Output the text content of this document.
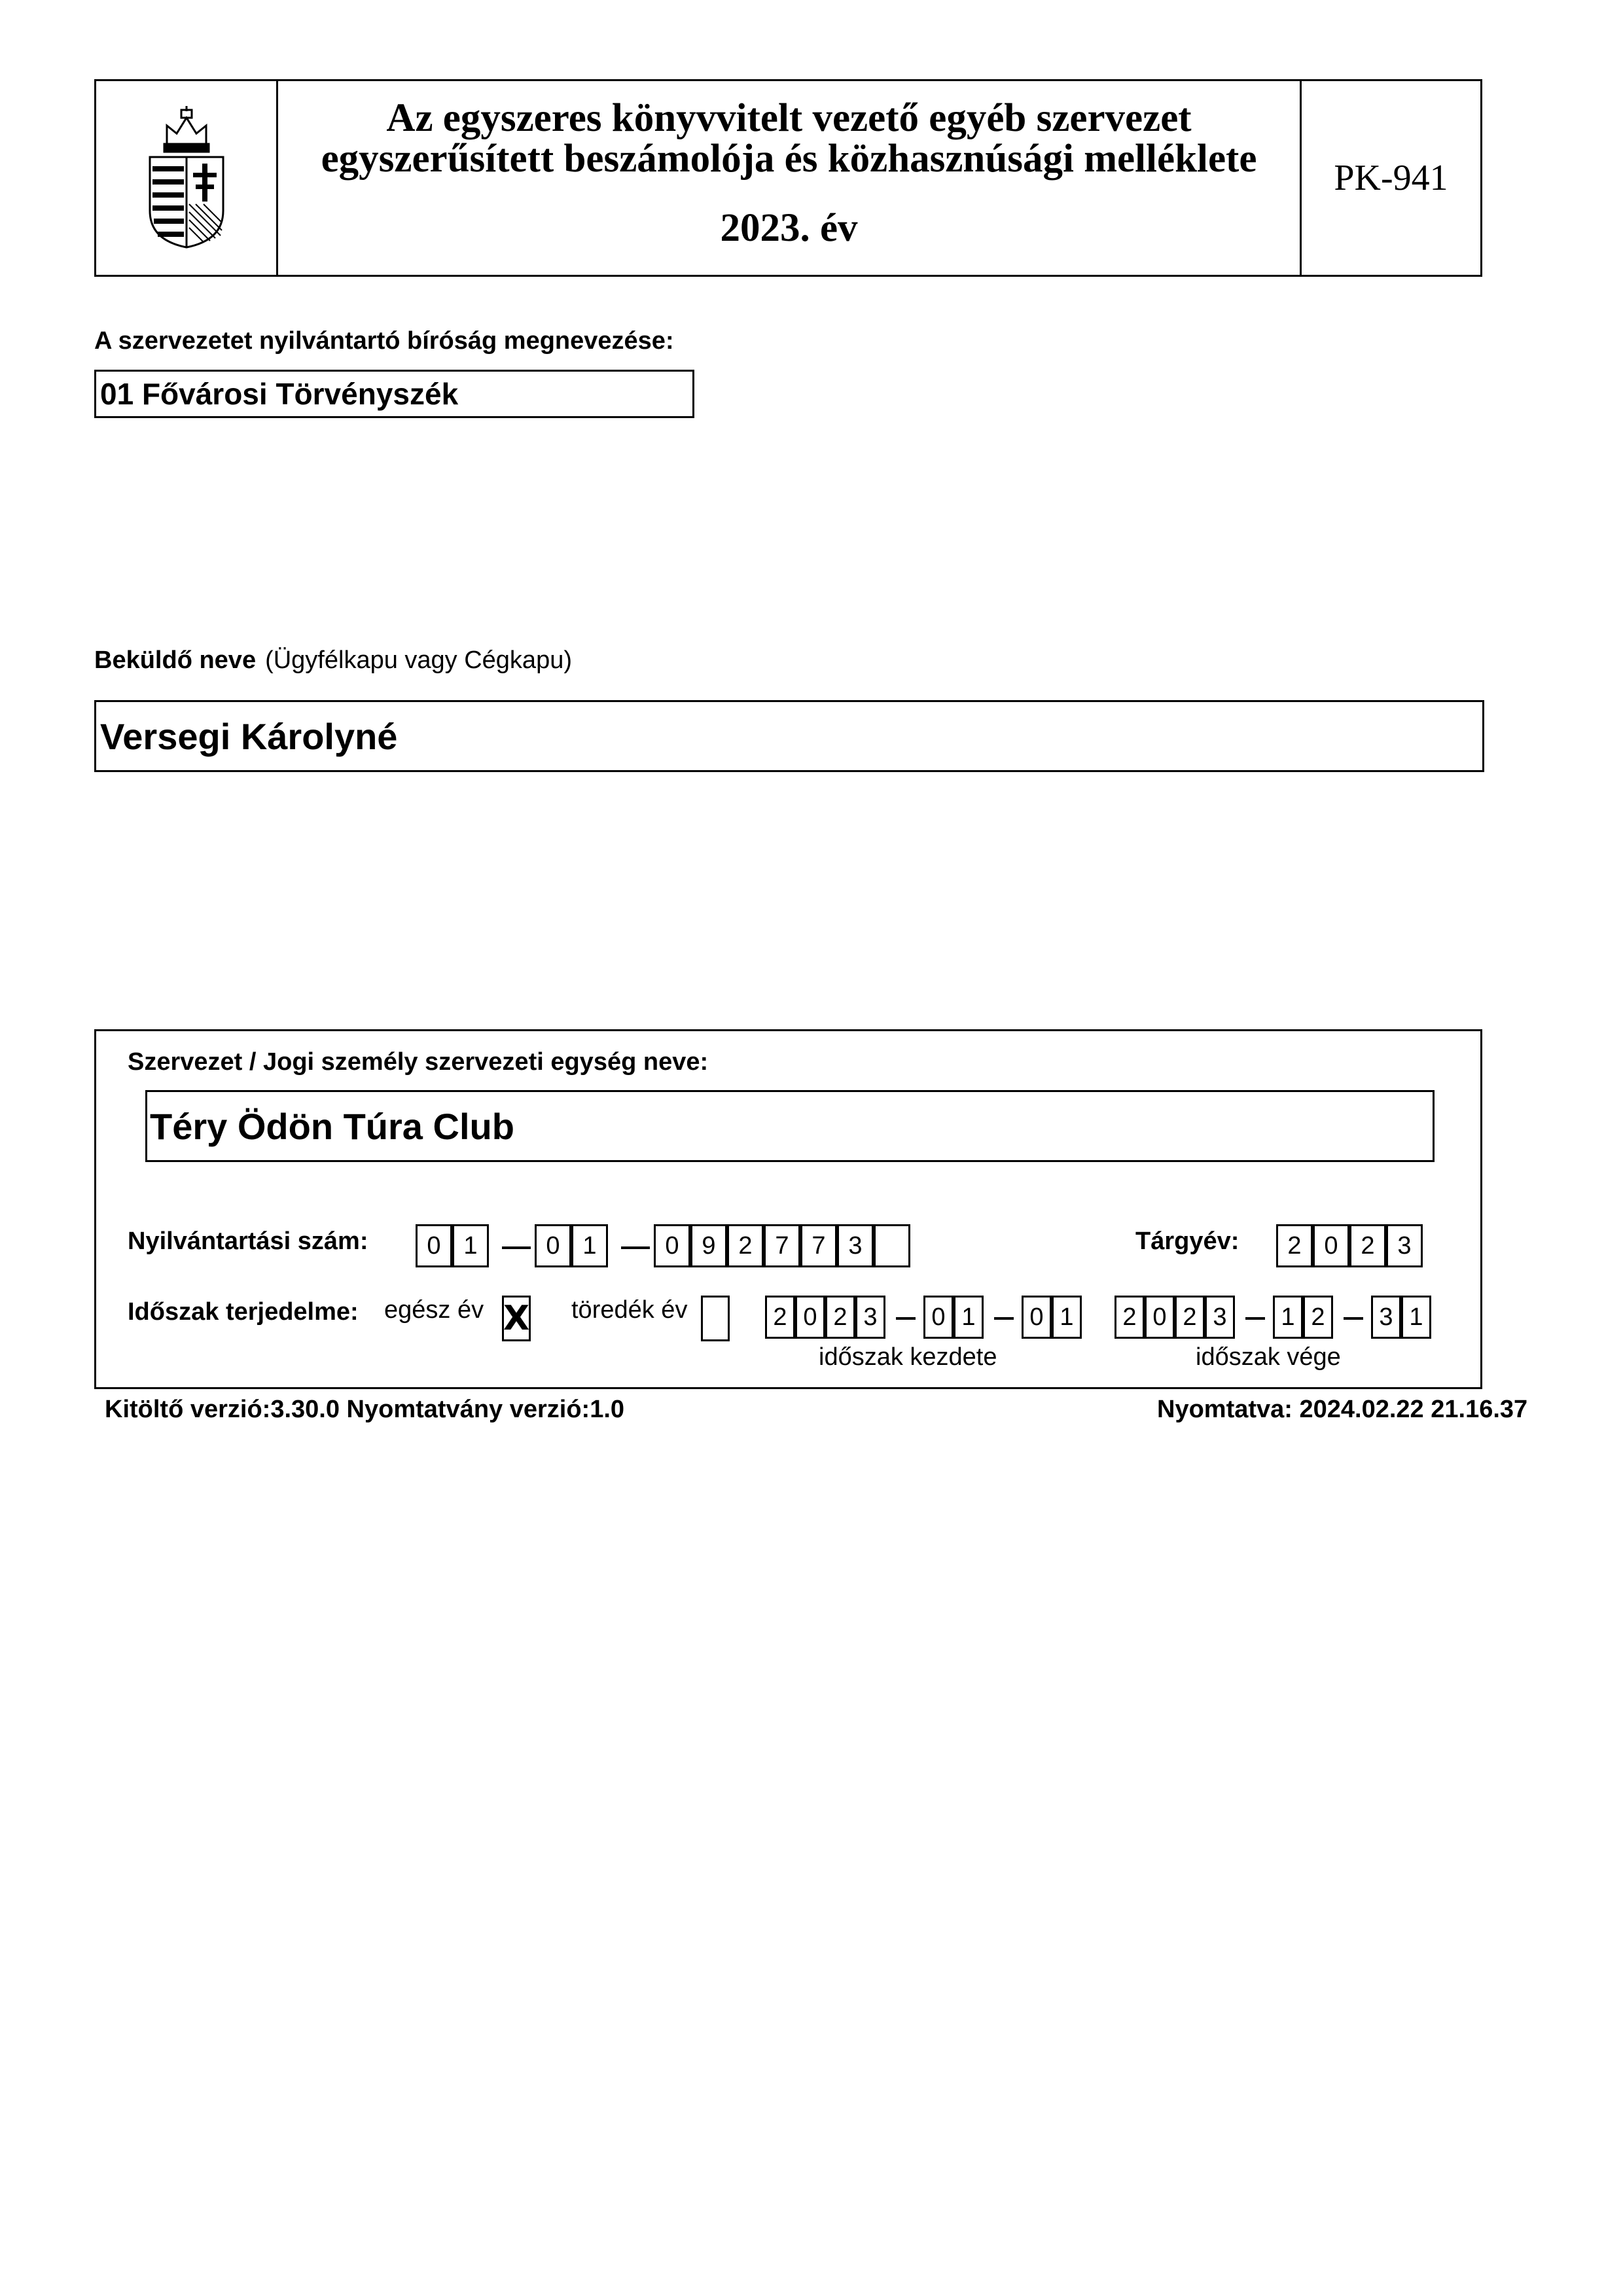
Az egyszeres könyvvitelt vezető egyéb szervezet
egyszerűsített beszámolója és közhasznúsági melléklete
2023. év
PK-941
A szervezetet nyilvántartó bíróság megnevezése:
01 Fővárosi Törvényszék
Beküldő neve (Ügyfélkapu vagy Cégkapu)
Versegi Károlyné
Szervezet / Jogi személy szervezeti egység neve:
Téry Ödön Túra Club
Nyilvántartási szám:	0 1	0 1	0 9 2 7 7 3	Tárgyév:	2 0 2 3
Időszak terjedelme: egész év X töredék év	2 0 2 3	0 1	0 1
időszak kezdete
2 0 2 3	1 2	3 1
időszak vége
Kitöltő verzió:3.30.0 Nyomtatvány verzió:1.0	Nyomtatva: 2024.02.22 21.16.37
